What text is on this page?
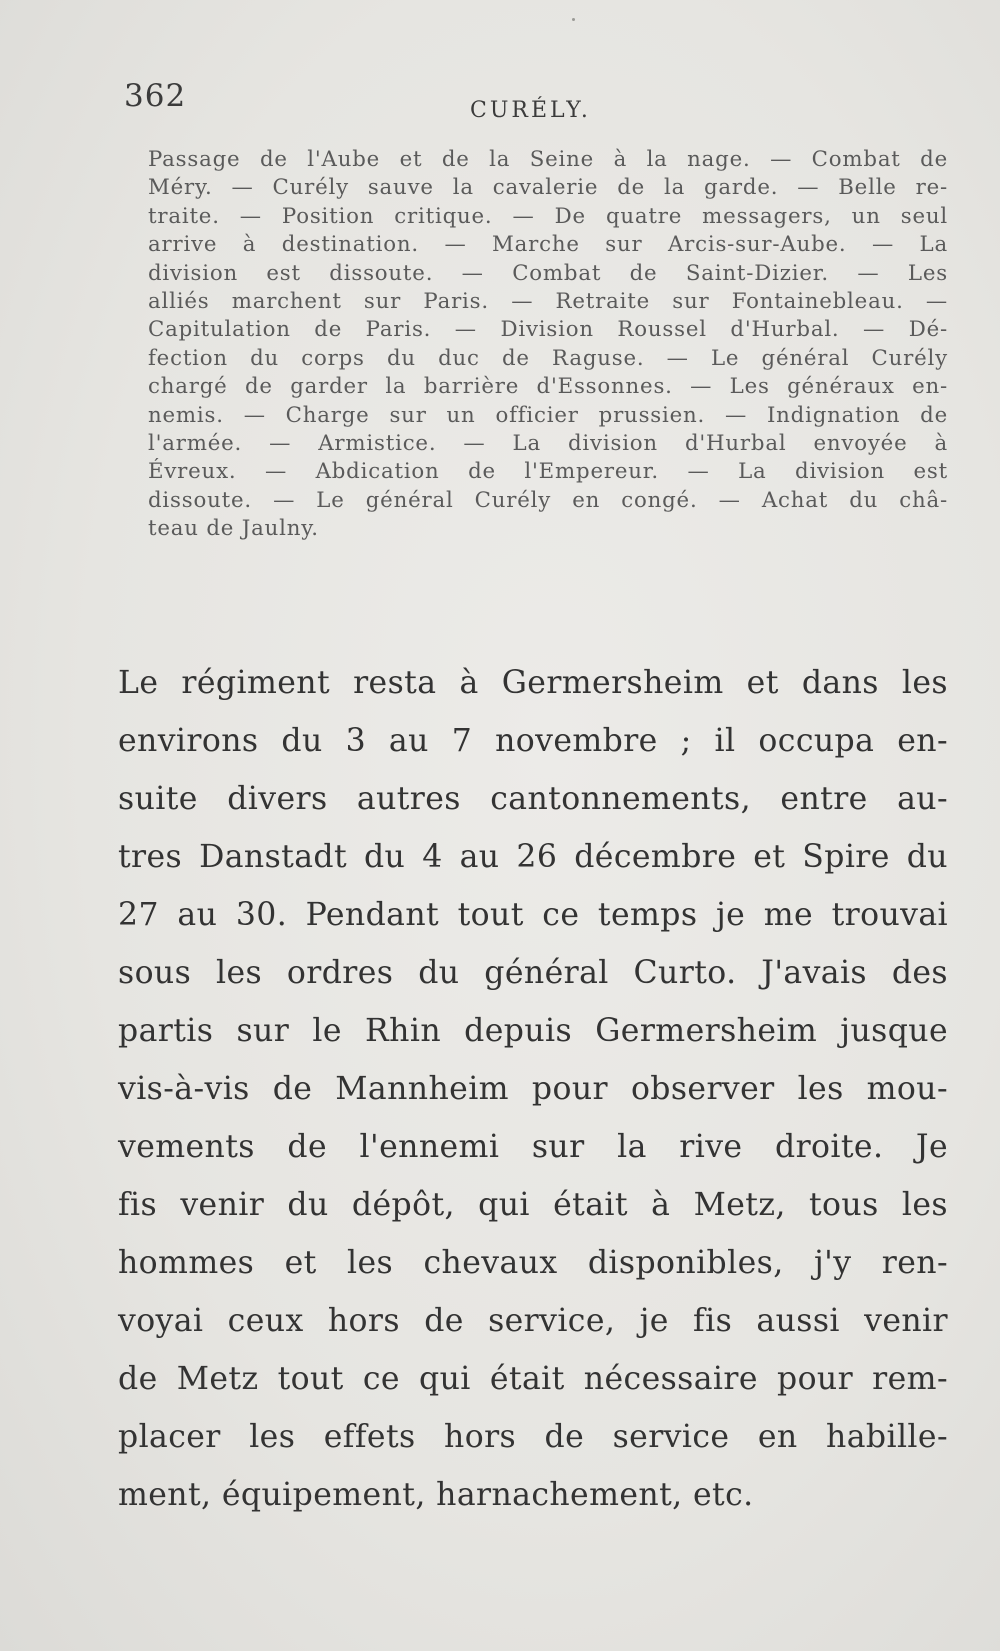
362	CURÉLY.
Passage de l'Aube et de la Seine à la nage. — Combat de
Méry. — Curély sauve la cavalerie de la garde. — Belle re-
traite. — Position critique. — De quatre messagers, un seul
arrive à destination. — Marche sur Arcis-sur-Aube. — La
division est dissoute. — Combat de Saint-Dizier. — Les
alliés marchent sur Paris. — Retraite sur Fontainebleau. —
Capitulation de Paris. — Division Roussel d'Hurbal. — Dé-
fection du corps du duc de Raguse. — Le général Curély
chargé de garder la barrière d'Essonnes. — Les généraux en-
nemis. — Charge sur un officier prussien. — Indignation de
l'armée. — Armistice. — La division d'Hurbal envoyée à
Évreux. — Abdication de l'Empereur. — La division est
dissoute. — Le général Curély en congé. — Achat du châ-
teau de Jaulny.
Le régiment resta à Germersheim et dans les
environs du 3 au 7 novembre ; il occupa en-
suite divers autres cantonnements, entre au-
tres Danstadt du 4 au 26 décembre et Spire du
27 au 30. Pendant tout ce temps je me trouvai
sous les ordres du général Curto. J'avais des
partis sur le Rhin depuis Germersheim jusque
vis-à-vis de Mannheim pour observer les mou-
vements de l'ennemi sur la rive droite. Je
fis venir du dépôt, qui était à Metz, tous les
hommes et les chevaux disponibles, j'y ren-
voyai ceux hors de service, je fis aussi venir
de Metz tout ce qui était nécessaire pour rem-
placer les effets hors de service en habille-
ment, équipement, harnachement, etc.
